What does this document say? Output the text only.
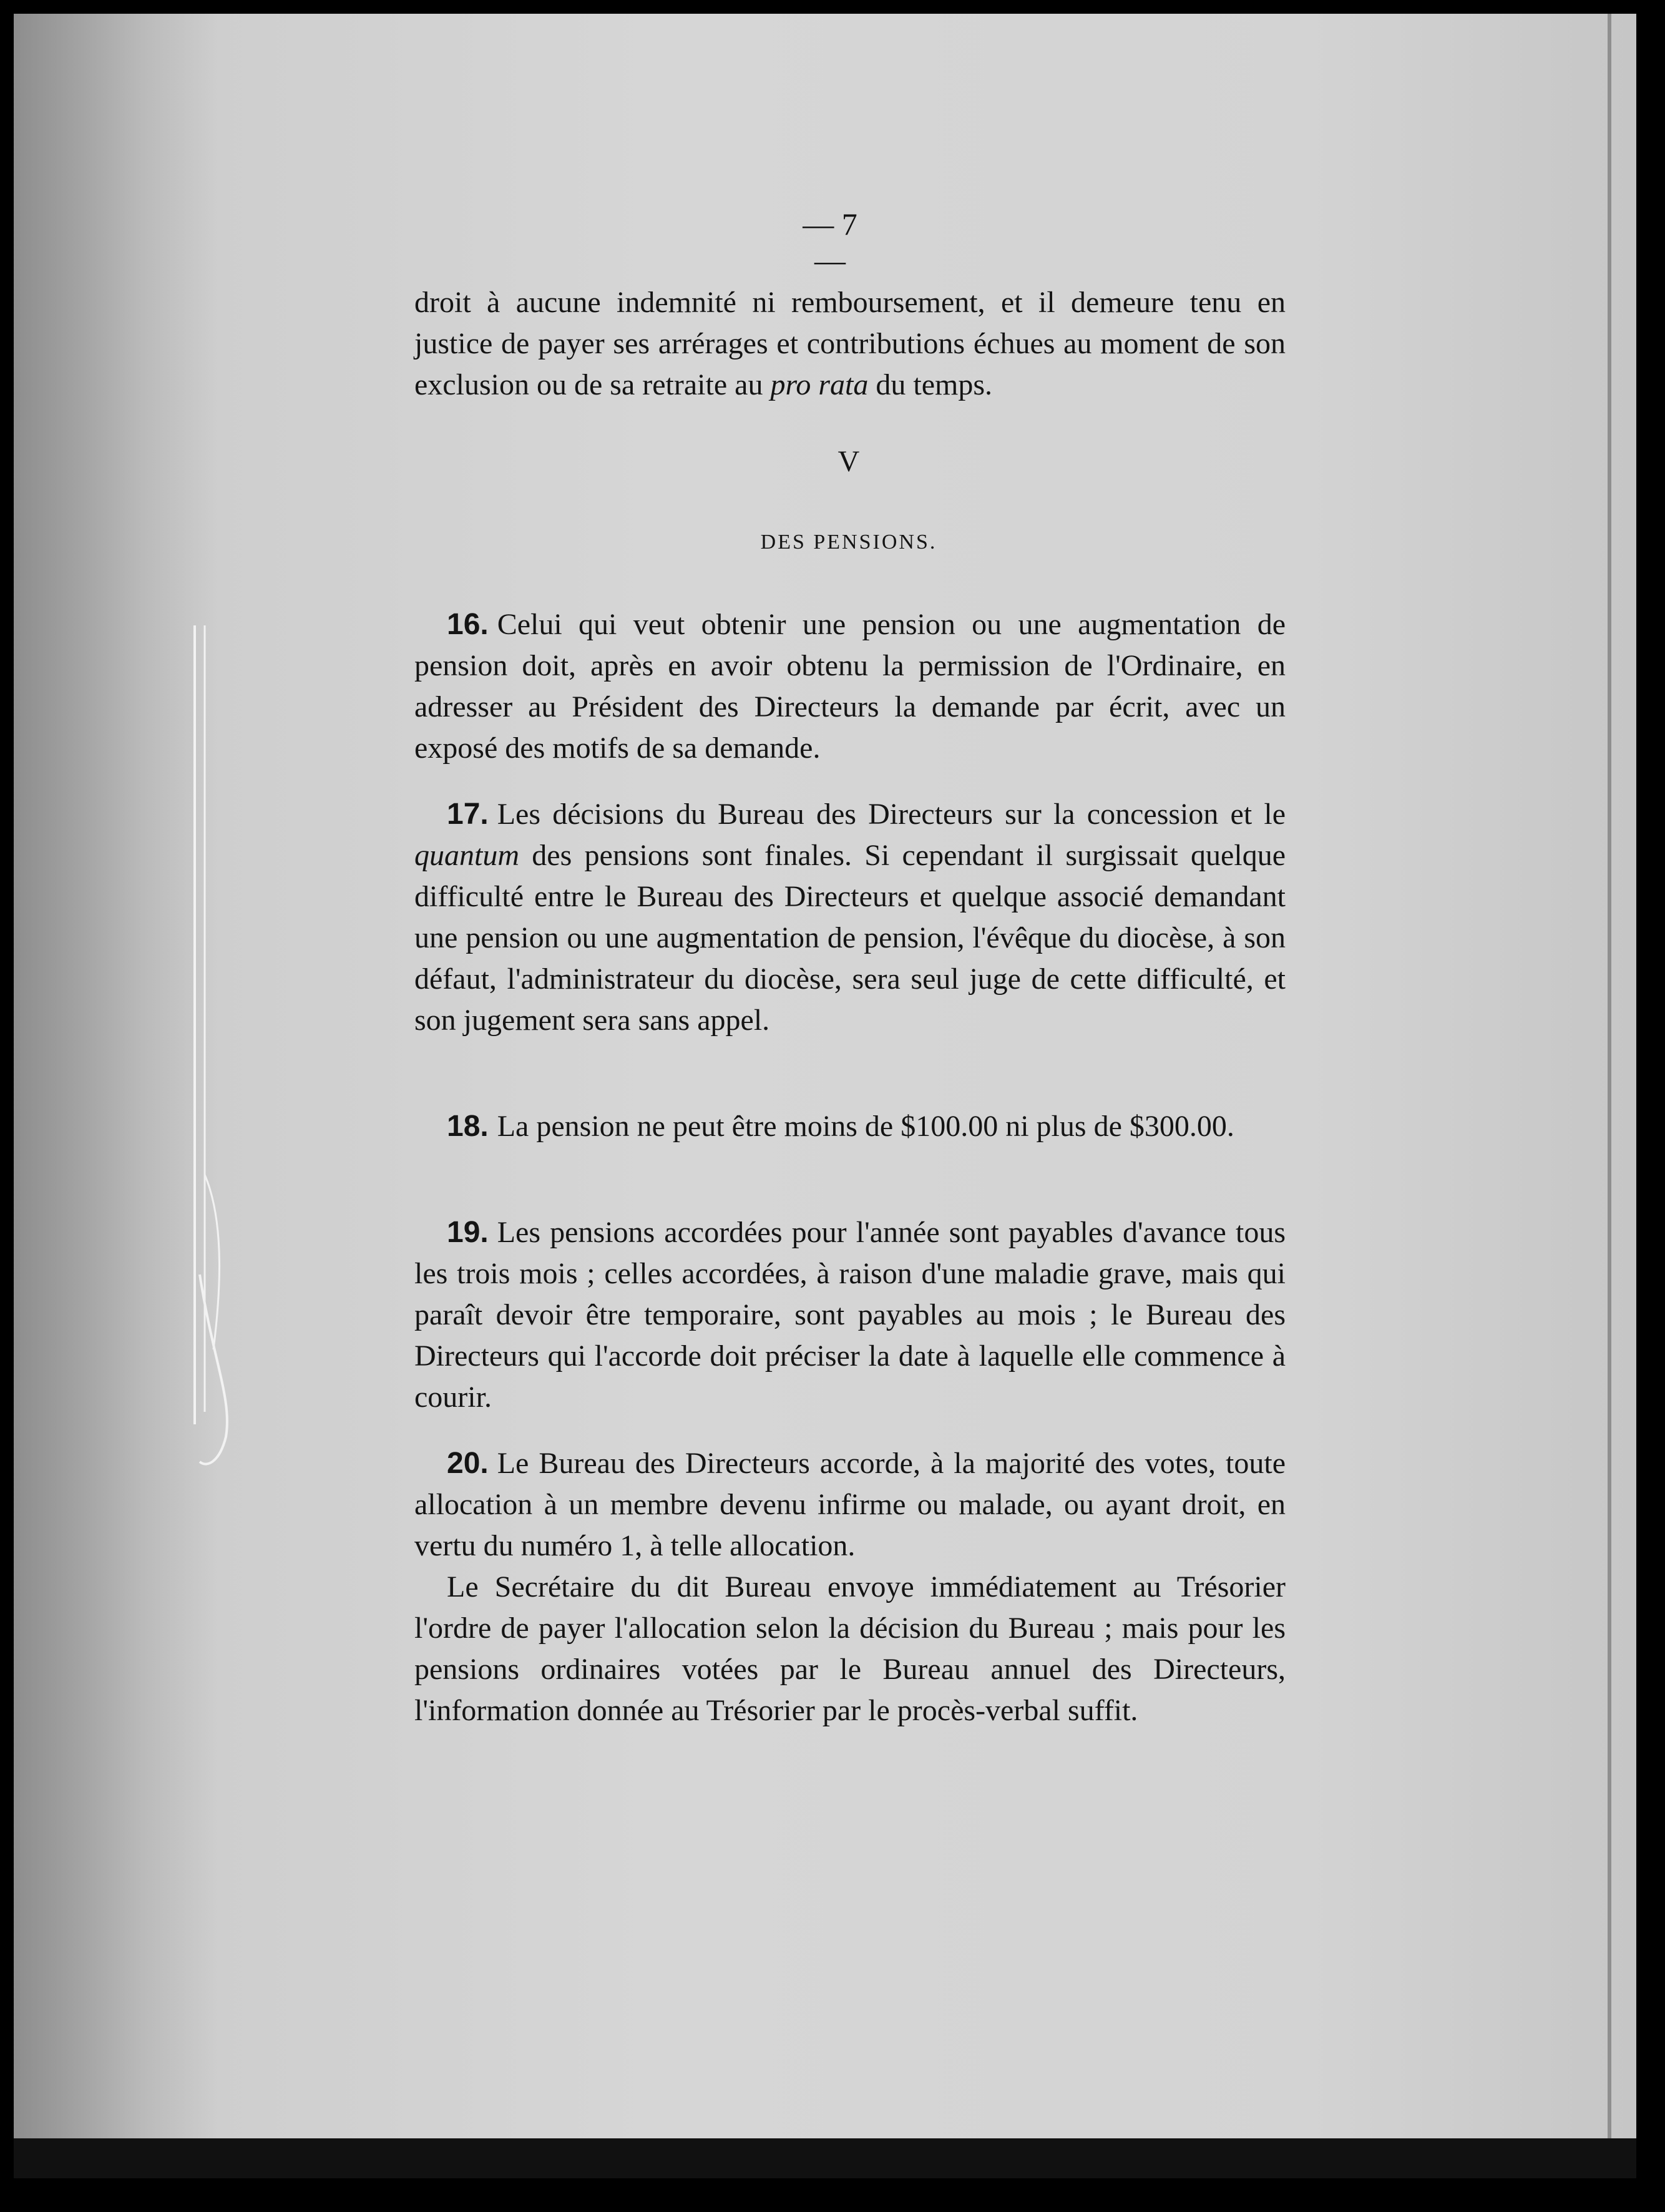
— 7 —

droit à aucune indemnité ni remboursement, et il demeure tenu en justice de payer ses arrérages et contributions échues au moment de son exclusion ou de sa retraite au pro rata du temps.

V
DES PENSIONS.

16. Celui qui veut obtenir une pension ou une augmentation de pension doit, après en avoir obtenu la permission de l'Ordinaire, en adresser au Président des Directeurs la demande par écrit, avec un exposé des motifs de sa demande.

17. Les décisions du Bureau des Directeurs sur la concession et le quantum des pensions sont finales. Si cependant il surgissait quelque difficulté entre le Bureau des Directeurs et quelque associé demandant une pension ou une augmentation de pension, l'évêque du diocèse, à son défaut, l'administrateur du diocèse, sera seul juge de cette difficulté, et son jugement sera sans appel.

18. La pension ne peut être moins de $100.00 ni plus de $300.00.

19. Les pensions accordées pour l'année sont payables d'avance tous les trois mois ; celles accordées, à raison d'une maladie grave, mais qui paraît devoir être temporaire, sont payables au mois ; le Bureau des Directeurs qui l'accorde doit préciser la date à laquelle elle commence à courir.

20. Le Bureau des Directeurs accorde, à la majorité des votes, toute allocation à un membre devenu infirme ou malade, ou ayant droit, en vertu du numéro 1, à telle allocation.

Le Secrétaire du dit Bureau envoye immédiatement au Trésorier l'ordre de payer l'allocation selon la décision du Bureau ; mais pour les pensions ordinaires votées par le Bureau annuel des Directeurs, l'information donnée au Trésorier par le procès-verbal suffit.
